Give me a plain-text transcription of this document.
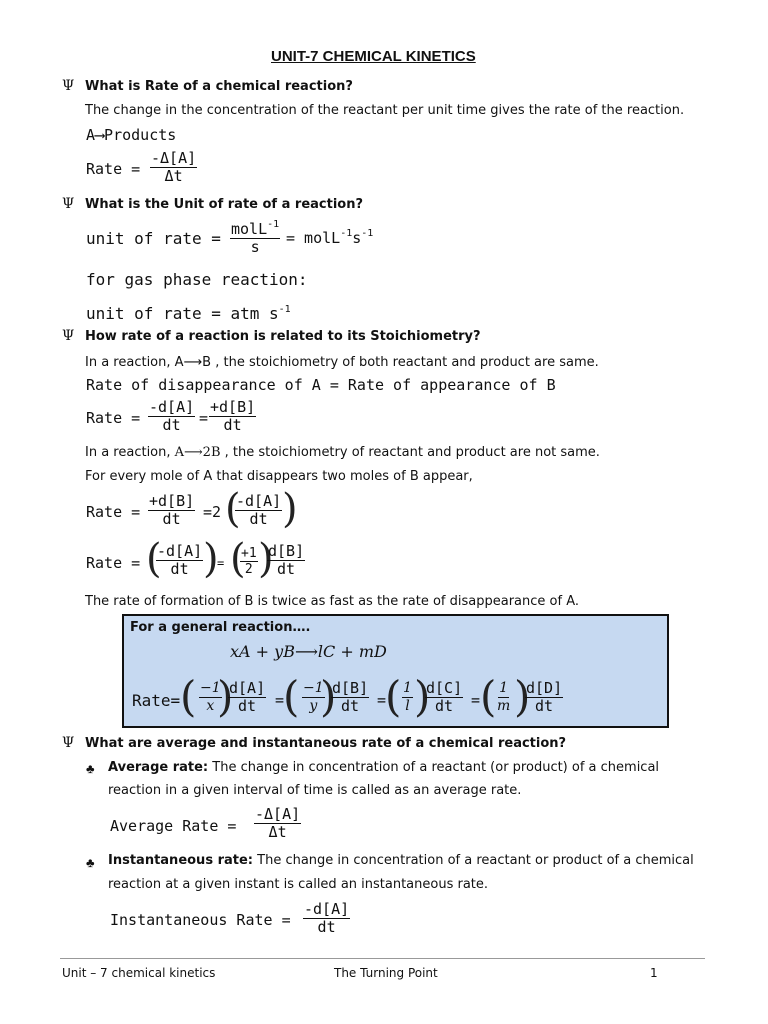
UNIT-7 CHEMICAL KINETICS
Ψ What is Rate of a chemical reaction?
The change in the concentration of the reactant per unit time gives the rate of the reaction.
A⟶Products
Rate = $\frac{-\Delta[A]}{\Delta t}$
Ψ What is the Unit of rate of a reaction?
unit of rate = molL$^{-1}$
$s = molL^{-1}s^{-1}$
for gas phase reaction:
unit of rate = atm $s^{-1}$
Ψ How rate of a reaction is related to its Stoichiometry?
In a reaction, A⟶B , the stoichiometry of both reactant and product are same.
Rate of disappearance of A = Rate of appearance of B
Rate = $\frac{-d[A]}{dt} = \frac{+d[B]}{dt}$
In a reaction, A⟶2B , the stoichiometry of reactant and product are not same.
For every mole of A that disappears two moles of B appear,
Rate = $\frac{+d[B]}{dt} =2$ (
$\frac{-d[A]}{dt}$ )
Rate = (
$\frac{-d[A]}{dt}$ )
= (
$\frac{+1}{2}$ )
$\frac{d[B]}{dt}$
The rate of formation of B is twice as fast as the rate of disappearance of A.
For a general reaction….
xA + yB⟶lC + mD
Rate= ( $\frac{-1}{x}$
)
$\frac{d[A]}{dt}$ =
( $\frac{-1}{y}$
)
$\frac{d[B]}{dt}$ =
( $\frac{1}{l}$ )
$\frac{d[C]}{dt}$ = ( $\frac{1}{m}$ )
$\frac{d[D]}{dt}$
Ψ What are average and instantaneous rate of a chemical reaction?
♣ Average rate: The change in concentration of a reactant (or product) of a chemical
reaction in a given interval of time is called as an average rate.
Average Rate = $\frac{-\Delta[A]}{\Delta t}$
♣ Instantaneous rate: The change in concentration of a reactant or product of a chemical
reaction at a given instant is called an instantaneous rate.
Instantaneous Rate = $\frac{-d[A]}{dt}$
Unit – 7 chemical kinetics	The Turning Point	1
